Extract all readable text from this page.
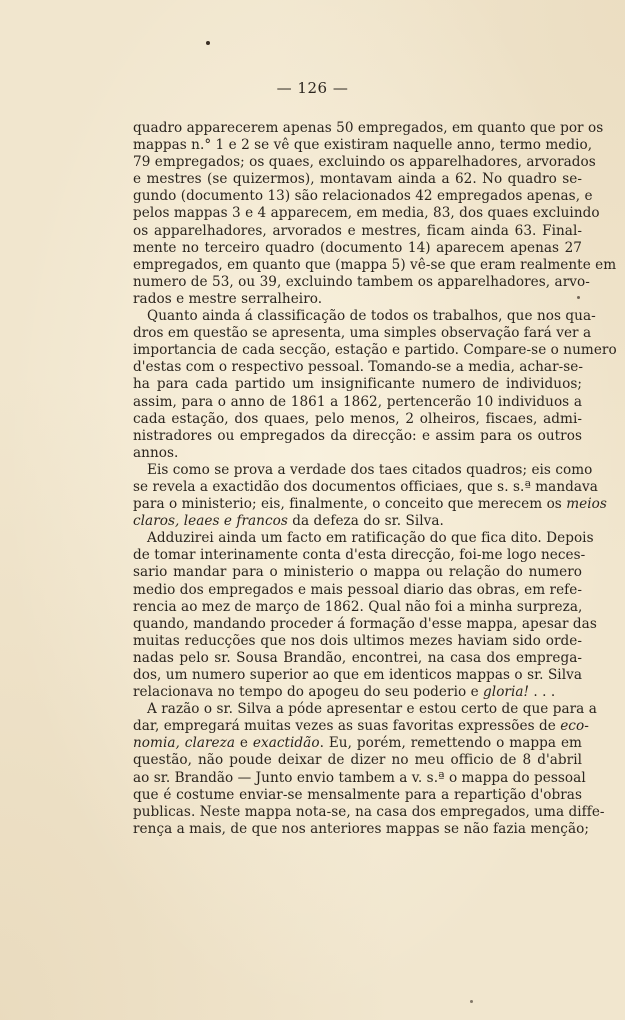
— 126 —
quadro apparecerem apenas 50 empregados, em quanto que por os
mappas n.° 1 e 2 se vê que existiram naquelle anno, termo medio,
79 empregados; os quaes, excluindo os apparelhadores, arvorados
e mestres (se quizermos), montavam ainda a 62. No quadro se-
gundo (documento 13) são relacionados 42 empregados apenas, e
pelos mappas 3 e 4 apparecem, em media, 83, dos quaes excluindo
os apparelhadores, arvorados e mestres, ficam ainda 63. Final-
mente no terceiro quadro (documento 14) aparecem apenas 27
empregados, em quanto que (mappa 5) vê-se que eram realmente em
numero de 53, ou 39, excluindo tambem os apparelhadores, arvo-
rados e mestre serralheiro.
Quanto ainda á classificação de todos os trabalhos, que nos qua-
dros em questão se apresenta, uma simples observação fará ver a
importancia de cada secção, estação e partido. Compare-se o numero
d'estas com o respectivo pessoal. Tomando-se a media, achar-se-
ha para cada partido um insignificante numero de individuos;
assim, para o anno de 1861 a 1862, pertencerão 10 individuos a
cada estação, dos quaes, pelo menos, 2 olheiros, fiscaes, admi-
nistradores ou empregados da direcção: e assim para os outros
annos.
Eis como se prova a verdade dos taes citados quadros; eis como
se revela a exactidão dos documentos officiaes, que s. s.ª mandava
para o ministerio; eis, finalmente, o conceito que merecem os meios
claros, leaes e francos da defeza do sr. Silva.
Adduzirei ainda um facto em ratificação do que fica dito. Depois
de tomar interinamente conta d'esta direcção, foi-me logo neces-
sario mandar para o ministerio o mappa ou relação do numero
medio dos empregados e mais pessoal diario das obras, em refe-
rencia ao mez de março de 1862. Qual não foi a minha surpreza,
quando, mandando proceder á formação d'esse mappa, apesar das
muitas reducções que nos dois ultimos mezes haviam sido orde-
nadas pelo sr. Sousa Brandão, encontrei, na casa dos emprega-
dos, um numero superior ao que em identicos mappas o sr. Silva
relacionava no tempo do apogeu do seu poderio e gloria! . . .
A razão o sr. Silva a póde apresentar e estou certo de que para a
dar, empregará muitas vezes as suas favoritas expressões de eco-
nomia, clareza e exactidão. Eu, porém, remettendo o mappa em
questão, não poude deixar de dizer no meu officio de 8 d'abril
ao sr. Brandão — Junto envio tambem a v. s.ª o mappa do pessoal
que é costume enviar-se mensalmente para a repartição d'obras
publicas. Neste mappa nota-se, na casa dos empregados, uma diffe-
rença a mais, de que nos anteriores mappas se não fazia menção;
